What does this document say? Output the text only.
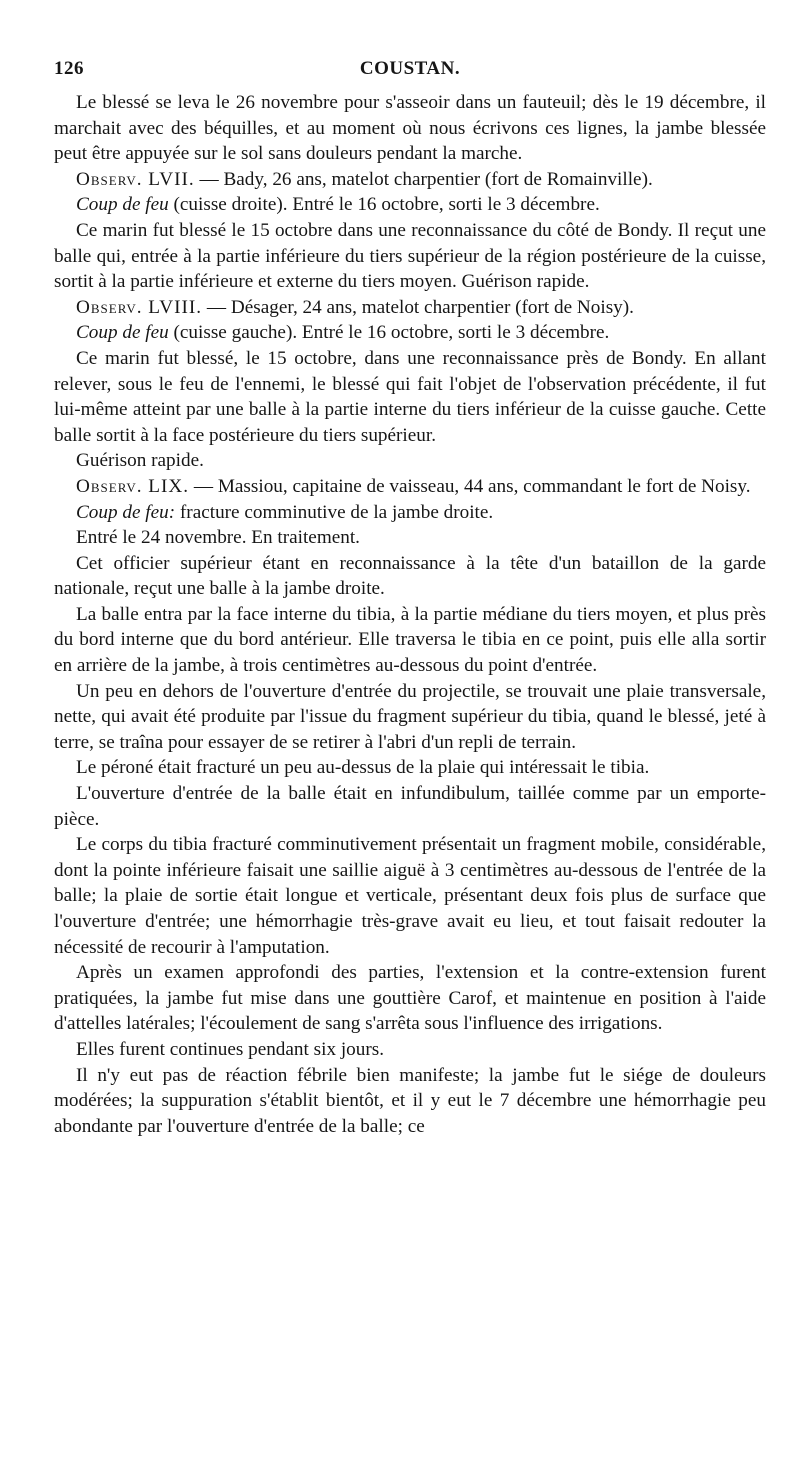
126	COUSTAN.

Le blessé se leva le 26 novembre pour s'asseoir dans un fauteuil; dès le 19 décembre, il marchait avec des béquilles, et au moment où nous écrivons ces lignes, la jambe blessée peut être appuyée sur le sol sans douleurs pendant la marche.

Observ. LVII. — Bady, 26 ans, matelot charpentier (fort de Romainville).

Coup de feu (cuisse droite). Entré le 16 octobre, sorti le 3 décembre.

Ce marin fut blessé le 15 octobre dans une reconnaissance du côté de Bondy. Il reçut une balle qui, entrée à la partie inférieure du tiers supérieur de la région postérieure de la cuisse, sortit à la partie inférieure et externe du tiers moyen. Guérison rapide.

Observ. LVIII. — Désager, 24 ans, matelot charpentier (fort de Noisy).

Coup de feu (cuisse gauche). Entré le 16 octobre, sorti le 3 décembre.

Ce marin fut blessé, le 15 octobre, dans une reconnaissance près de Bondy. En allant relever, sous le feu de l'ennemi, le blessé qui fait l'objet de l'observation précédente, il fut lui-même atteint par une balle à la partie interne du tiers inférieur de la cuisse gauche. Cette balle sortit à la face postérieure du tiers supérieur.

Guérison rapide.

Observ. LIX. — Massiou, capitaine de vaisseau, 44 ans, commandant le fort de Noisy.

Coup de feu: fracture comminutive de la jambe droite.

Entré le 24 novembre. En traitement.

Cet officier supérieur étant en reconnaissance à la tête d'un bataillon de la garde nationale, reçut une balle à la jambe droite.

La balle entra par la face interne du tibia, à la partie médiane du tiers moyen, et plus près du bord interne que du bord antérieur. Elle traversa le tibia en ce point, puis elle alla sortir en arrière de la jambe, à trois centimètres au-dessous du point d'entrée.

Un peu en dehors de l'ouverture d'entrée du projectile, se trouvait une plaie transversale, nette, qui avait été produite par l'issue du fragment supérieur du tibia, quand le blessé, jeté à terre, se traîna pour essayer de se retirer à l'abri d'un repli de terrain.

Le péroné était fracturé un peu au-dessus de la plaie qui intéressait le tibia.

L'ouverture d'entrée de la balle était en infundibulum, taillée comme par un emporte-pièce.

Le corps du tibia fracturé comminutivement présentait un fragment mobile, considérable, dont la pointe inférieure faisait une saillie aiguë à 3 centimètres au-dessous de l'entrée de la balle; la plaie de sortie était longue et verticale, présentant deux fois plus de surface que l'ouverture d'entrée; une hémorrhagie très-grave avait eu lieu, et tout faisait redouter la nécessité de recourir à l'amputation.

Après un examen approfondi des parties, l'extension et la contre-extension furent pratiquées, la jambe fut mise dans une gouttière Carof, et maintenue en position à l'aide d'attelles latérales; l'écoulement de sang s'arrêta sous l'influence des irrigations.

Elles furent continues pendant six jours.

Il n'y eut pas de réaction fébrile bien manifeste; la jambe fut le siége de douleurs modérées; la suppuration s'établit bientôt, et il y eut le 7 décembre une hémorrhagie peu abondante par l'ouverture d'entrée de la balle; ce
